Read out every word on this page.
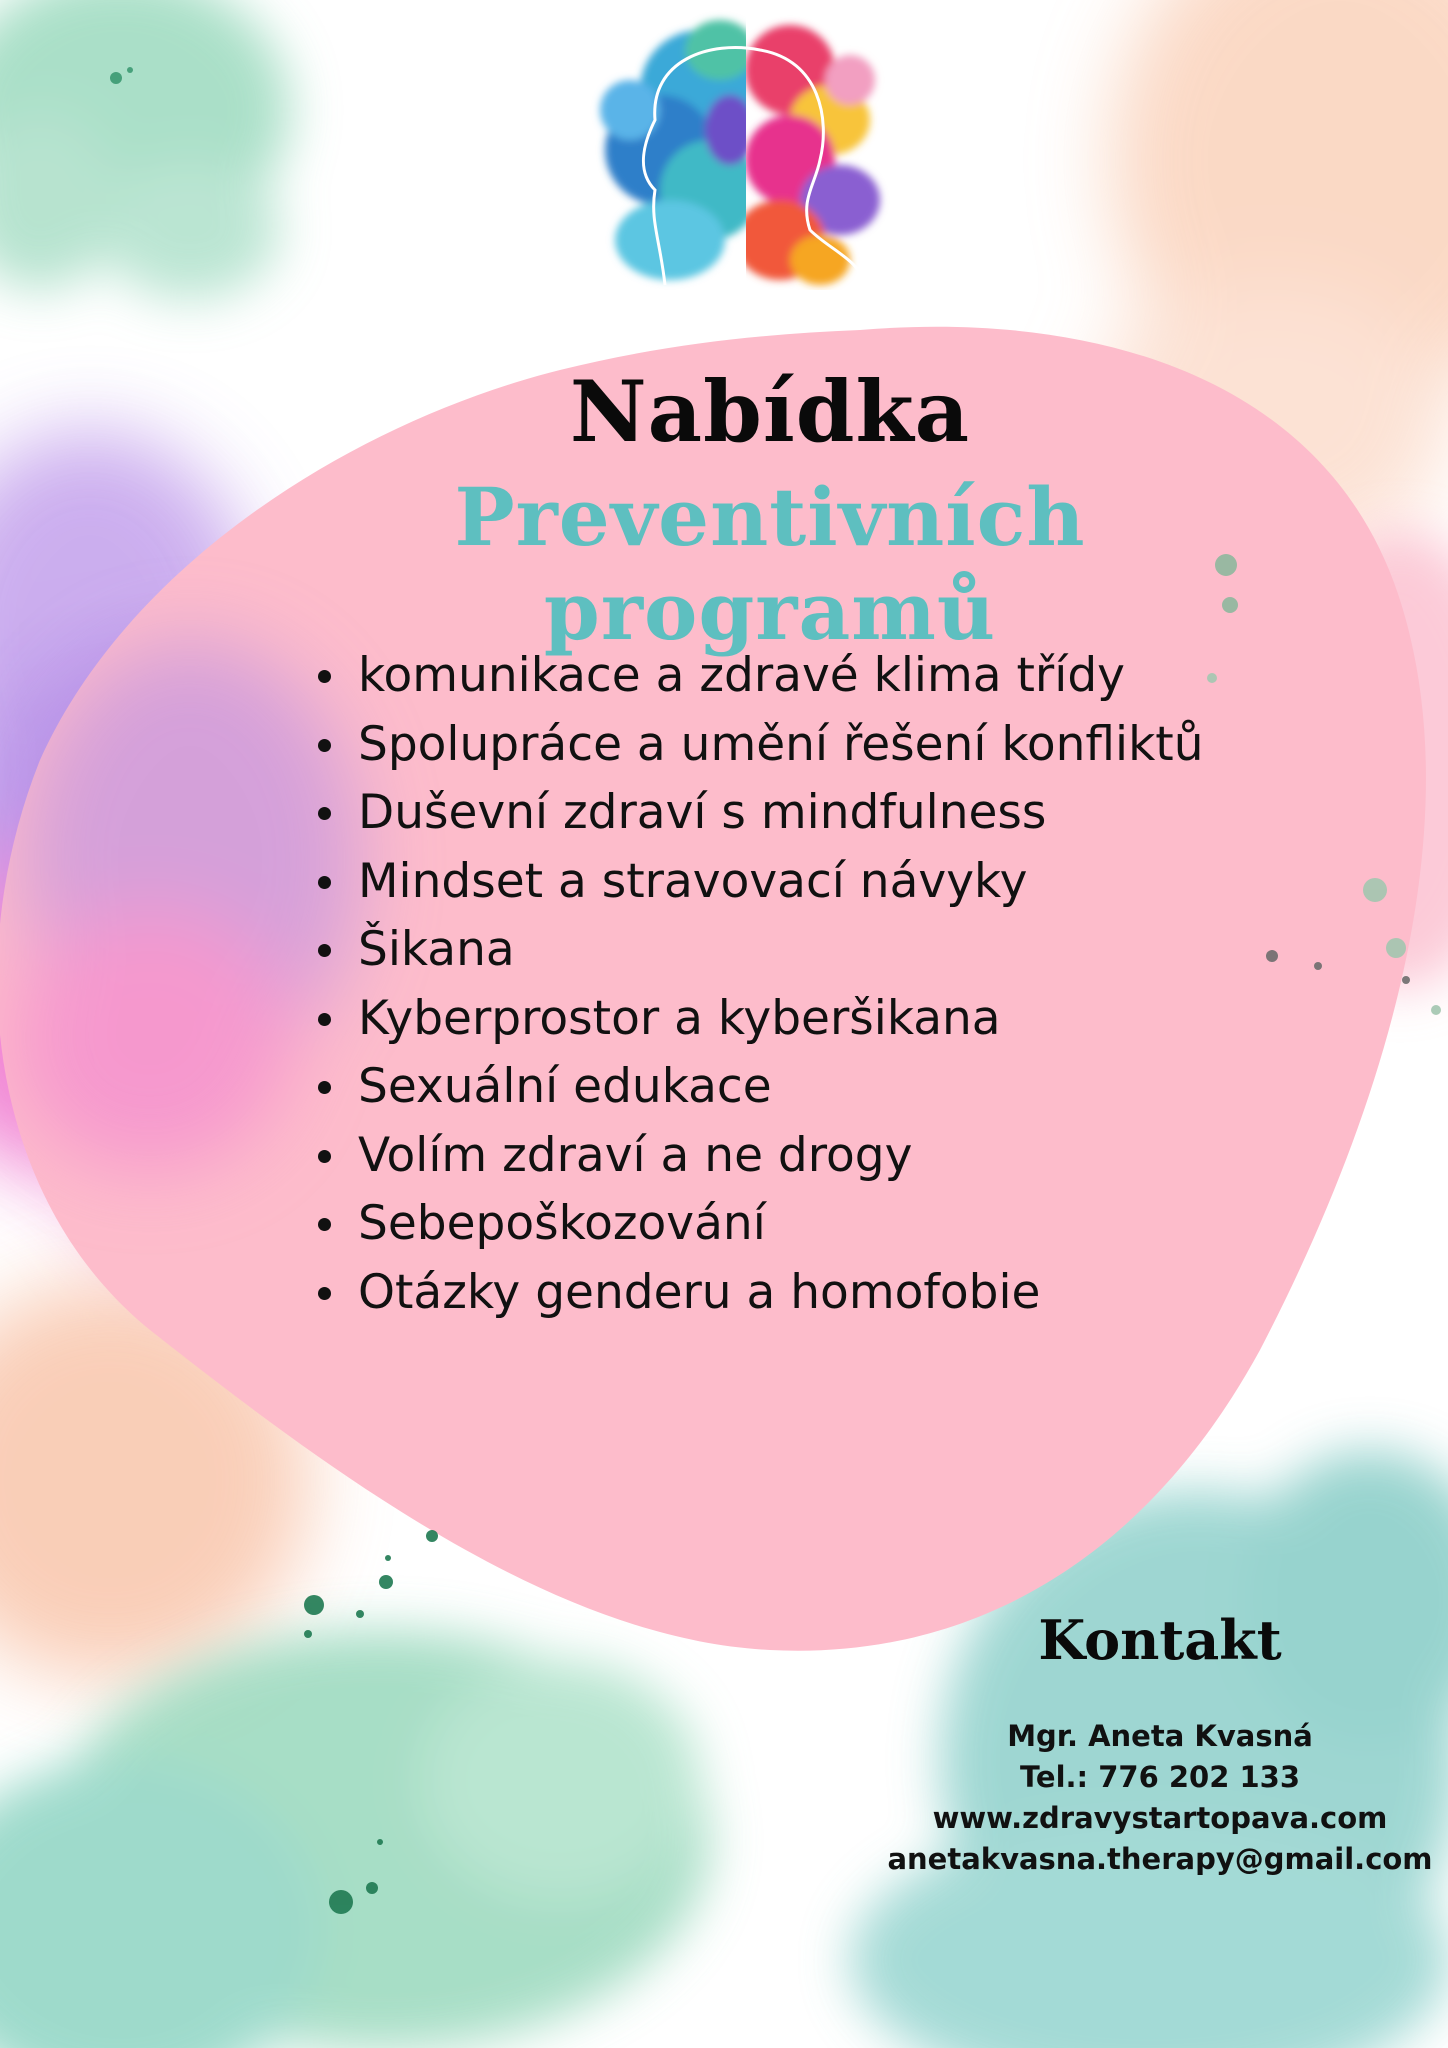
Nabídka
Preventivních programů
komunikace a zdravé klima třídy
Spolupráce a umění řešení konfliktů
Duševní zdraví s mindfulness
Mindset a stravovací návyky
Šikana
Kyberprostor a kyberšikana
Sexuální edukace
Volím zdraví a ne drogy
Sebepoškozování
Otázky genderu a homofobie
Kontakt
Mgr. Aneta Kvasná
Tel.: 776 202 133
www.zdravystartopava.com
anetakvasna.therapy@gmail.com
